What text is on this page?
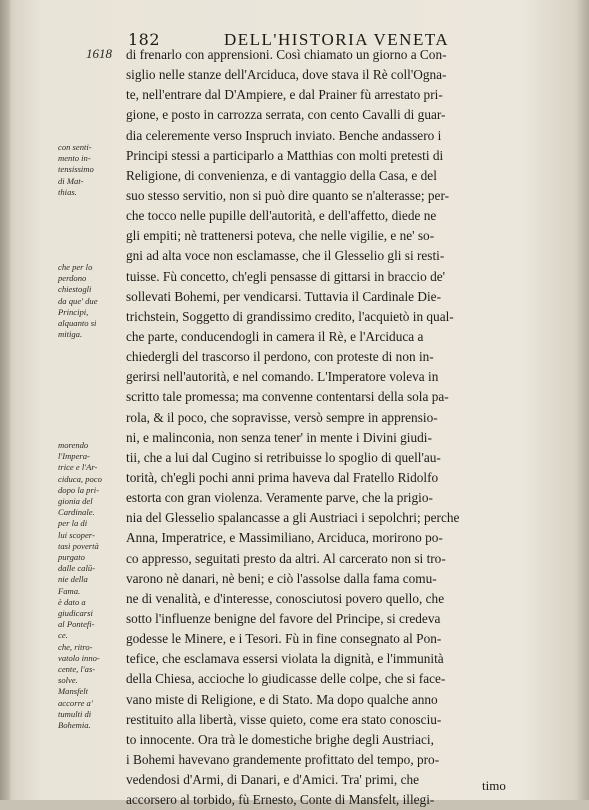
182	DELL'HISTORIA VENETA
1618 di frenarlo con apprensioni. Così chiamato un giorno a Con-
siglio nelle stanze dell'Arciduca, dove stava il Rè coll'Ogna-
te, nell'entrare dal D'Ampiere, e dal Prainer fù arrestato pri-
gione, e posto in carrozza serrata, con cento Cavalli di guar-
dia celeremente verso Inspruch inviato. Benche andassero i
Principi stessi a participarlo a Matthias con molti pretesti di
Religione, di convenienza, e di vantaggio della Casa, e del
suo stesso servitio, non si può dire quanto se n'alterasse; per-
che tocco nelle pupille dell'autorità, e dell'affetto, diede ne
gli empiti; nè trattenersi poteva, che nelle vigilie, e ne' so-
gni ad alta voce non esclamasse, che il Glesselio gli si resti-
tuisse. Fù concetto, ch'egli pensasse di gittarsi in braccio de'
sollevati Bohemi, per vendicarsi. Tuttavia il Cardinale Die-
trichstein, Soggetto di grandissimo credito, l'acquietò in qual-
che parte, conducendogli in camera il Rè, e l'Arciduca a
chiedergli del trascorso il perdono, con proteste di non in-
gerirsi nell'autorità, e nel comando. L'Imperatore voleva in
scritto tale promessa; ma convenne contentarsi della sola pa-
rola, & il poco, che sopravisse, versò sempre in apprensio-
ni, e malinconia, non senza tener' in mente i Divini giudi-
tii, che a lui dal Cugino si retribuisse lo spoglio di quell'au-
torità, ch'egli pochi anni prima haveva dal Fratello Ridolfo
estorta con gran violenza. Veramente parve, che la prigio-
nia del Glesselio spalancasse a gli Austriaci i sepolchri; perche
Anna, Imperatrice, e Massimiliano, Arciduca, morirono po-
co appresso, seguitati presto da altri. Al carcerato non si tro-
varono nè danari, nè beni; e ciò l'assolse dalla fama comu-
ne di venalità, e d'interesse, conosciutosi povero quello, che
sotto l'influenze benigne del favore del Principe, si credeva
godesse le Minere, e i Tesori. Fù in fine consegnato al Pon-
tefice, che esclamava essersi violata la dignità, e l'immunità
della Chiesa, accioche lo giudicasse delle colpe, che si face-
vano miste di Religione, e di Stato. Ma dopo qualche anno
restituito alla libertà, visse quieto, come era stato conosciu-
to innocente. Ora trà le domestiche brighe degli Austriaci,
i Bohemi havevano grandemente profittato del tempo, pro-
vedendosi d'Armi, di Danari, e d'Amici. Tra' primi, che
accorsero al torbido, fù Ernesto, Conte di Mansfelt, illegi-
con senti-
mento in-
tensissimo
di Mat-
thias.
che per lo
perdono
chiestogli
da que' due
Principi,
alquanto si
mitiga.
morendo
l'Impera-
trice e l'Ar-
ciduca, poco
dopo la pri-
gionia del
Cardinale.
per la di
lui scoper-
tasi povertà
purgato
dalle calū-
nie della
Fama.
è dato a
giudicarsi
al Pontefi-
ce.
che, ritro-
vatolo inno-
cente, l'as-
solve.
Mansfelt
accorre a'
tumulti di
Bohemia.
timo
